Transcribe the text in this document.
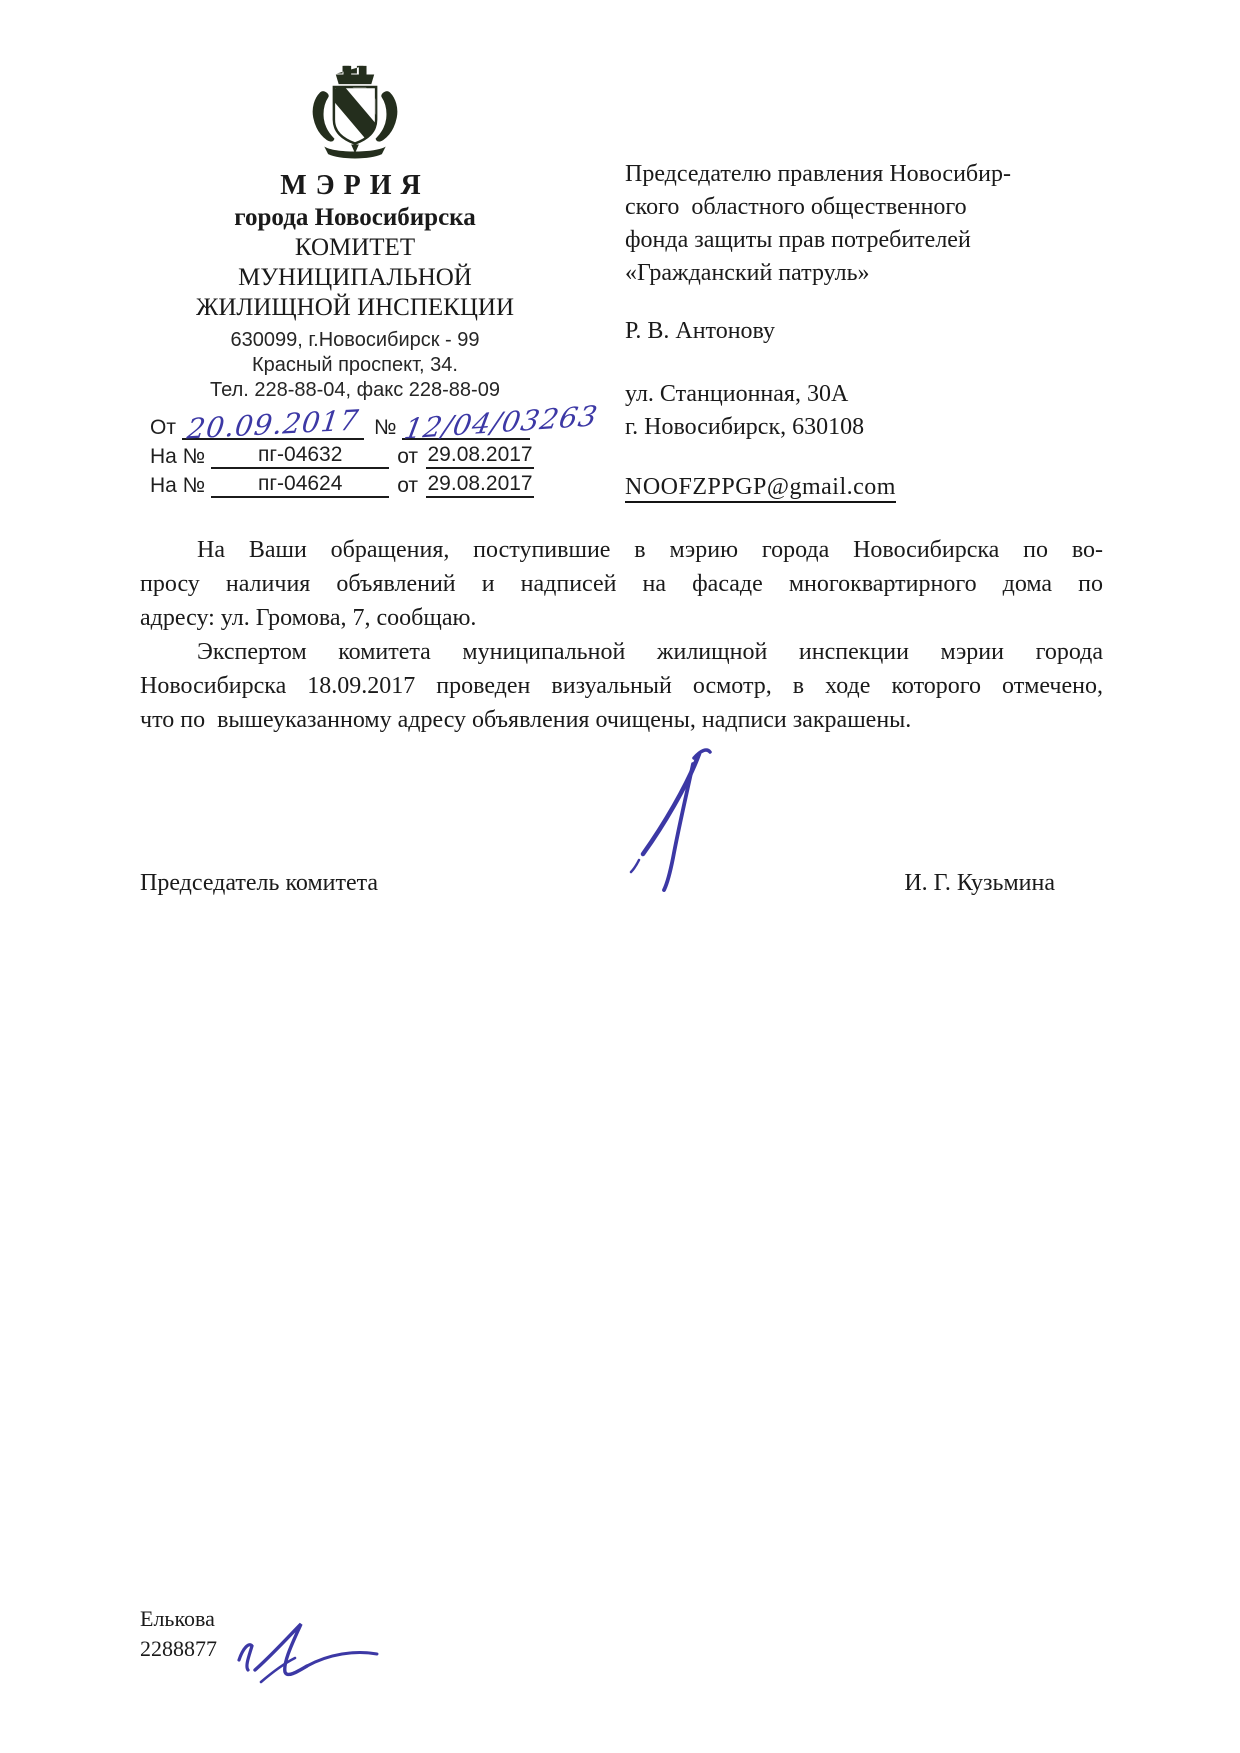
МЭРИЯ
города Новосибирска
КОМИТЕТ
МУНИЦИПАЛЬНОЙ
ЖИЛИЩНОЙ ИНСПЕКЦИИ
630099, г.Новосибирск - 99
Красный проспект, 34.
Тел. 228-88-04, факс 228-88-09
От 20.09.2017 № 12/04/03263
На №	пг-04632	от 29.08.2017
На №	пг-04624	от 29.08.2017
Председателю правления Новосибир-
ского  областного общественного
фонда защиты прав потребителей
«Гражданский патруль»
Р. В. Антонову
ул. Станционная, 30А
г. Новосибирск, 630108
NOOFZPPGP@gmail.com
На Ваши обращения, поступившие в мэрию города Новосибирска по во-
просу наличия объявлений и надписей на фасаде многоквартирного дома по
адресу: ул. Громова, 7, сообщаю.
Экспертом комитета муниципальной жилищной инспекции мэрии города
Новосибирска 18.09.2017 проведен визуальный осмотр, в ходе которого отмечено,
что по  вышеуказанному адресу объявления очищены, надписи закрашены.
Председатель комитета	И. Г. Кузьмина
Елькова
2288877
